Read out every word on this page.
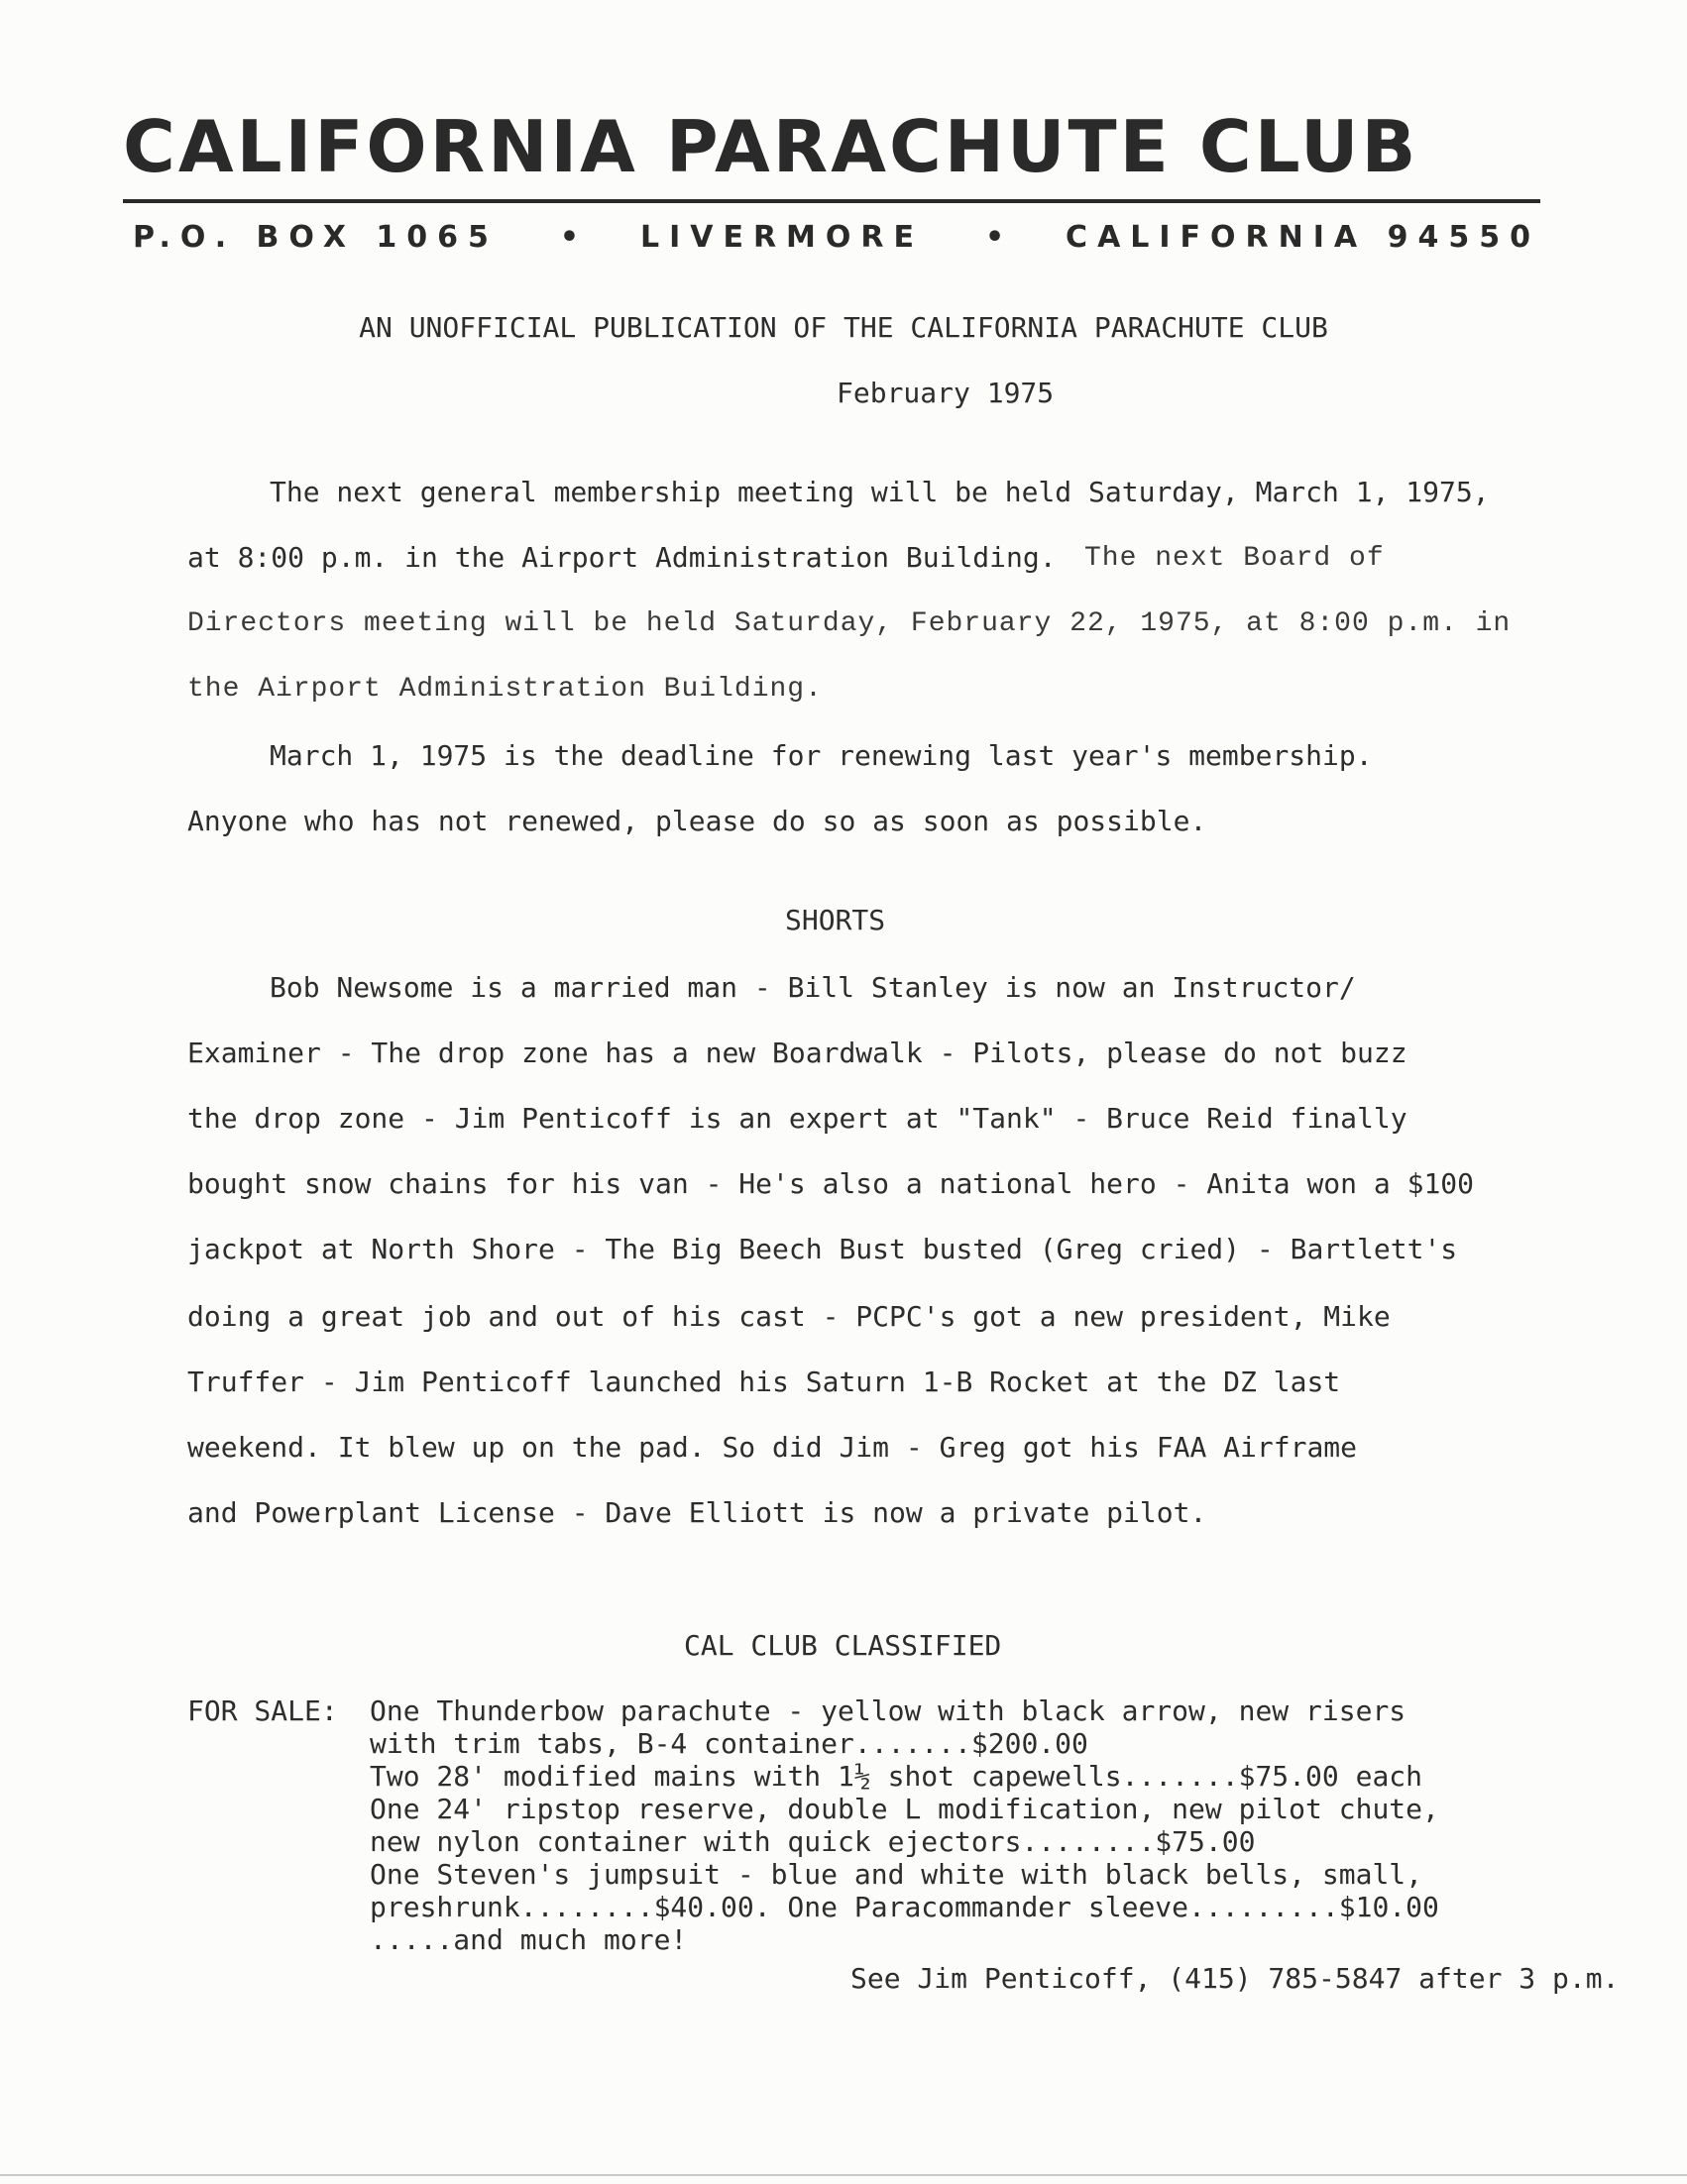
CALIFORNIA PARACHUTE CLUB
P.O. BOX 1065 • LIVERMORE • CALIFORNIA 94550
AN UNOFFICIAL PUBLICATION OF THE CALIFORNIA PARACHUTE CLUB
February 1975
The next general membership meeting will be held Saturday, March 1, 1975,
at 8:00 p.m. in the Airport Administration Building. The next Board of
Directors meeting will be held Saturday, February 22, 1975, at 8:00 p.m. in
the Airport Administration Building.
March 1, 1975 is the deadline for renewing last year's membership.
Anyone who has not renewed, please do so as soon as possible.
SHORTS
Bob Newsome is a married man - Bill Stanley is now an Instructor/
Examiner - The drop zone has a new Boardwalk - Pilots, please do not buzz
the drop zone - Jim Penticoff is an expert at "Tank" - Bruce Reid finally
bought snow chains for his van - He's also a national hero - Anita won a $100
jackpot at North Shore - The Big Beech Bust busted (Greg cried) - Bartlett's
doing a great job and out of his cast - PCPC's got a new president, Mike
Truffer - Jim Penticoff launched his Saturn 1-B Rocket at the DZ last
weekend. It blew up on the pad. So did Jim - Greg got his FAA Airframe
and Powerplant License - Dave Elliott is now a private pilot.
CAL CLUB CLASSIFIED
FOR SALE:	One Thunderbow parachute - yellow with black arrow, new risers
with trim tabs, B-4 container.......$200.00
Two 28' modified mains with 1½ shot capewells.......$75.00 each
One 24' ripstop reserve, double L modification, new pilot chute,
new nylon container with quick ejectors........$75.00
One Steven's jumpsuit - blue and white with black bells, small,
preshrunk........$40.00. One Paracommander sleeve.........$10.00
.....and much more!
See Jim Penticoff, (415) 785-5847 after 3 p.m.
